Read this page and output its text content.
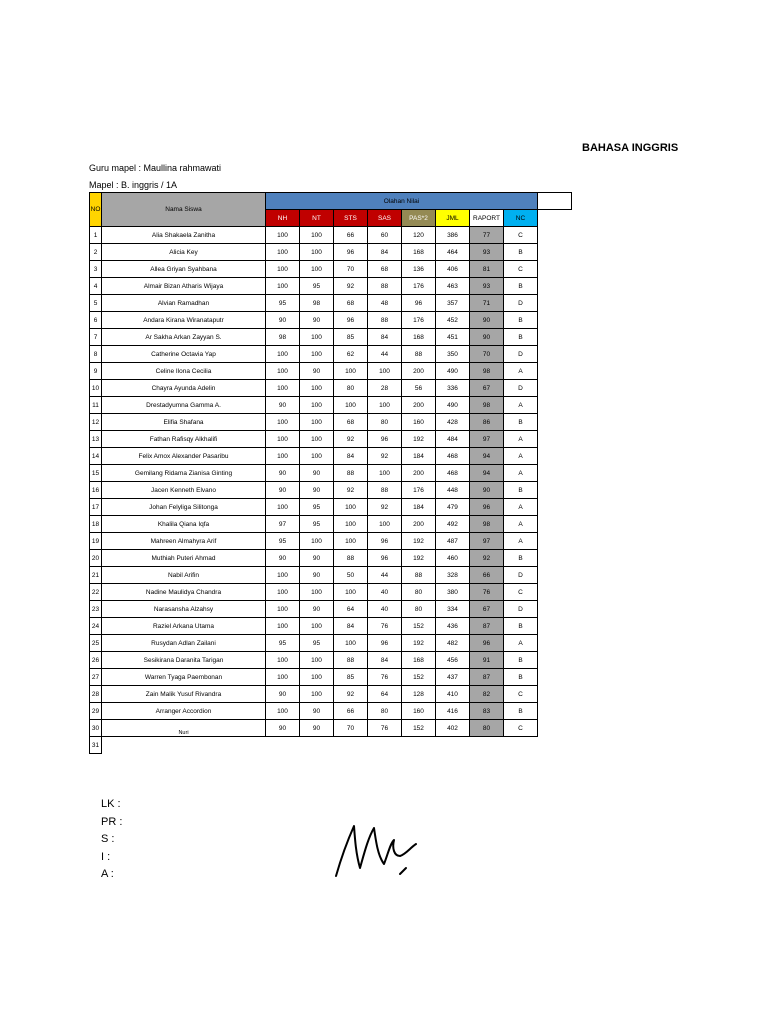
BAHASA INGGRIS
Guru mapel : Maullina rahmawati
Mapel : B. inggris / 1A
NO	Nama Siswa	Olahan Nilai								
		NH	NT	STS	SAS	PAS*2	JML	RAPORT	NC	
1	Alia Shakaela Zanitha	100	100	66	60	120	386	77	C	
2	Alicia Key	100	100	96	84	168	464	93	B	
3	Allea Griyan Syahbana	100	100	70	68	136	406	81	C	
4	Almair Bizan Atharis Wijaya	100	95	92	88	176	463	93	B	
5	Alvian Ramadhan	95	98	68	48	96	357	71	D	
6	Andara Kirana Wiranataputr	90	90	96	88	176	452	90	B	
7	Ar Sakha Arkan Zayyan S.	98	100	85	84	168	451	90	B	
8	Catherine Octavia Yap	100	100	62	44	88	350	70	D	
9	Celine Ilona Cecilia	100	90	100	100	200	490	98	A	
10	Chayra Ayunda Adelin	100	100	80	28	56	336	67	D	
11	Drestadyumna Gamma A.	90	100	100	100	200	490	98	A	
12	Elifia Shafana	100	100	68	80	160	428	86	B	
13	Fathan Rafisqy Alkhalifi	100	100	92	96	192	484	97	A	
14	Felix Amox Alexander Pasaribu	100	100	84	92	184	468	94	A	
15	Gemilang Ridama Zianisa Ginting	90	90	88	100	200	468	94	A	
16	Jacen Kenneth Elvano	90	90	92	88	176	448	90	B	
17	Johan Felyliga Silitonga	100	95	100	92	184	479	96	A	
18	Khalila Qiana Iqfa	97	95	100	100	200	492	98	A	
19	Mahreen Almahyra Arif	95	100	100	96	192	487	97	A	
20	Muthiah Puteri Ahmad	90	90	88	96	192	460	92	B	
21	Nabil Arifin	100	90	50	44	88	328	66	D	
22	Nadine Maulidya Chandra	100	100	100	40	80	380	76	C	
23	Narasansha Alzahsy	100	90	64	40	80	334	67	D	
24	Raziel Arkana Utama	100	100	84	76	152	436	87	B	
25	Rusydan Adlan Zailani	95	95	100	96	192	482	96	A	
26	Sesikirana Daranita Tarigan	100	100	88	84	168	456	91	B	
27	Warren Tyaga Paembonan	100	100	85	76	152	437	87	B	
28	Zain Malik Yusuf Rivandra	90	100	92	64	128	410	82	C	
29	Arranger Accordion	100	90	66	80	160	416	83	B	
30	Nuri	90	90	70	76	152	402	80	C	
31										
LK :
PR :
S :
I :
A :
